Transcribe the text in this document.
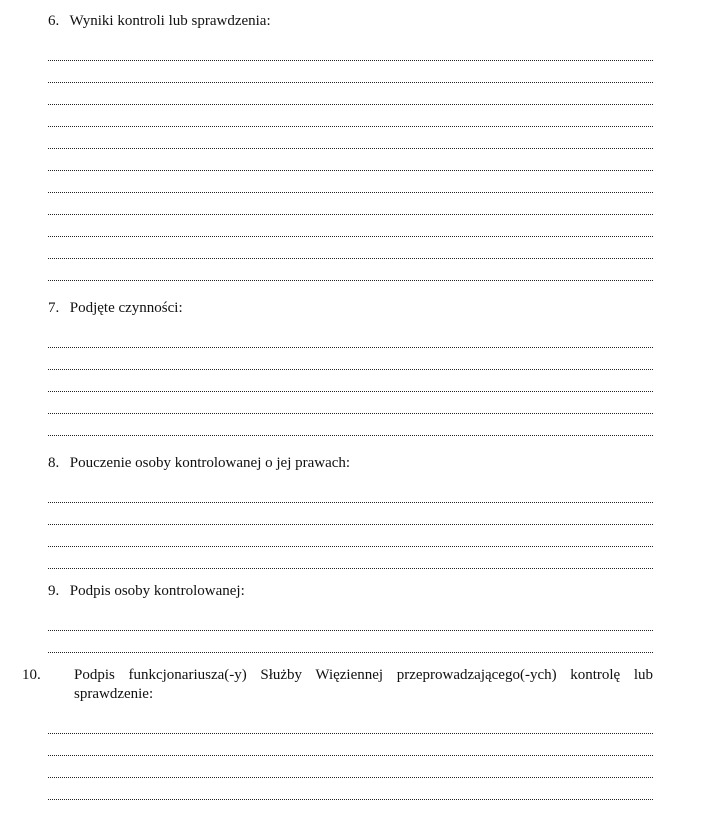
6. Wyniki kontroli lub sprawdzenia:

7. Podjęte czynności:

8. Pouczenie osoby kontrolowanej o jej prawach:

9. Podpis osoby kontrolowanej:

10. Podpis funkcjonariusza(-y) Służby Więziennej przeprowadzającego(-ych) kontrolę lub sprawdzenie:
